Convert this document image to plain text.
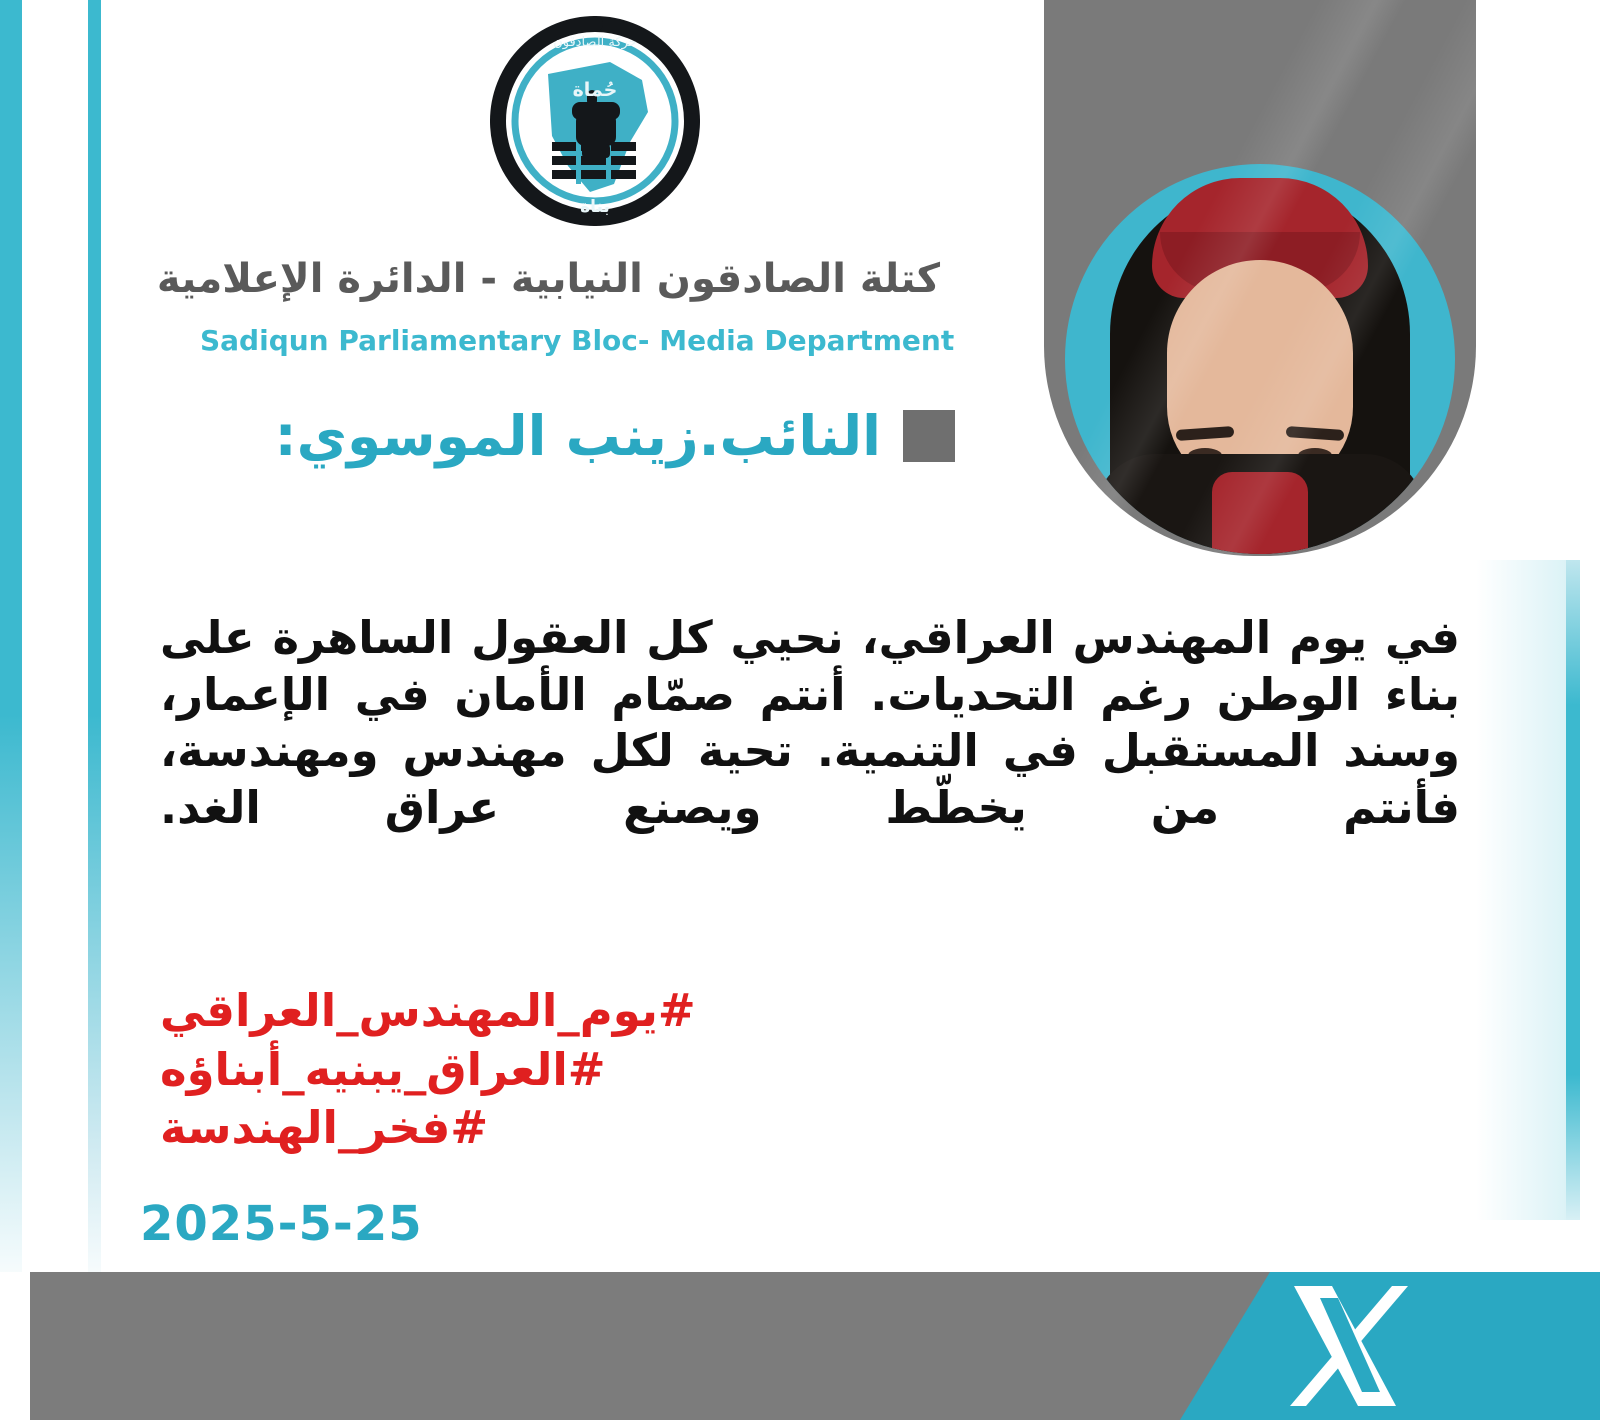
حركة الصادقون
حُماة
بناة
كتلة الصادقون النيابية - الدائرة الإعلامية
Sadiqun Parliamentary Bloc- Media Department
النائب.زينب الموسوي:
في يوم المهندس العراقي، نحيي كل العقول الساهرة على بناء الوطن رغم التحديات. أنتم صمّام الأمان في الإعمار، وسند المستقبل في التنمية. تحية لكل مهندس ومهندسة، فأنتم من يخطّط ويصنع عراق الغد.
#يوم_المهندس_العراقي
#العراق_يبنيه_أبناؤه
#فخر_الهندسة
2025-5-25
